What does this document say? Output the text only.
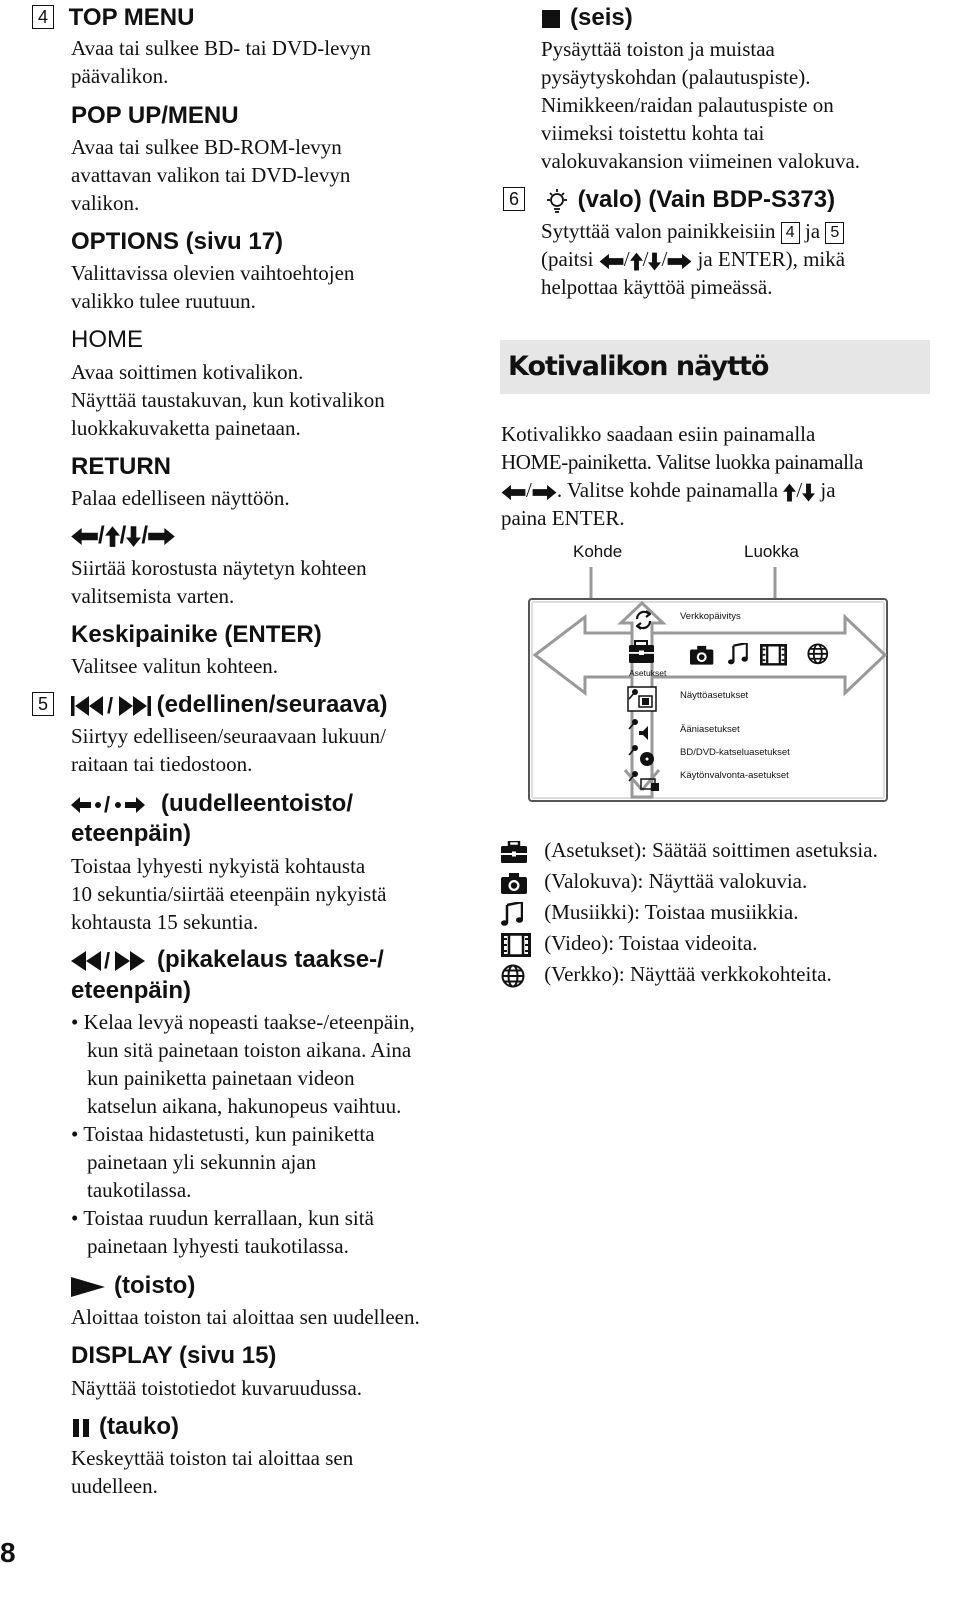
4 TOP MENU
Avaa tai sulkee BD- tai DVD-levyn
päävalikon.
POP UP/MENU
Avaa tai sulkee BD-ROM-levyn
avattavan valikon tai DVD-levyn
valikon.
OPTIONS (sivu 17)
Valittavissa olevien vaihtoehtojen
valikko tulee ruutuun.
HOME
Avaa soittimen kotivalikon.
Näyttää taustakuvan, kun kotivalikon
luokkakuvaketta painetaan.
RETURN
Palaa edelliseen näyttöön.
/ / /
Siirtää korostusta näytetyn kohteen
valitsemista varten.
Keskipainike (ENTER)
Valitsee valitun kohteen.
5	/ (edellinen/seuraava)
Siirtyy edelliseen/seuraavaan lukuun/
raitaan tai tiedostoon.
/ (uudelleentoisto/
eteenpäin)
Toistaa lyhyesti nykyistä kohtausta
10 sekuntia/siirtää eteenpäin nykyistä
kohtausta 15 sekuntia.
/ (pikakelaus taakse-/
eteenpäin)
• Kelaa levyä nopeasti taakse-/eteenpäin,
kun sitä painetaan toiston aikana. Aina
kun painiketta painetaan videon
katselun aikana, hakunopeus vaihtuu.
• Toistaa hidastetusti, kun painiketta
painetaan yli sekunnin ajan
taukotilassa.
• Toistaa ruudun kerrallaan, kun sitä
painetaan lyhyesti taukotilassa.
(toisto)
Aloittaa toiston tai aloittaa sen uudelleen.
DISPLAY (sivu 15)
Näyttää toistotiedot kuvaruudussa.
(tauko)
Keskeyttää toiston tai aloittaa sen
uudelleen.
8
(seis)
Pysäyttää toiston ja muistaa
pysäytyskohdan (palautuspiste).
Nimikkeen/raidan palautuspiste on
viimeksi toistettu kohta tai
valokuvakansion viimeinen valokuva.
6 (valo) (Vain BDP-S373)
Sytyttää valon painikkeisiin 4 ja 5
(paitsi / / / ja ENTER), mikä
helpottaa käyttöä pimeässä.
Kotivalikon näyttö
Kotivalikko saadaan esiin painamalla
HOME-painiketta. Valitse luokka painamalla
/ . Valitse kohde painamalla / ja
paina ENTER.
Kohde	Luokka
Verkkopäivitys
Asetukset
Näyttöasetukset
Ääniasetukset
BD/DVD-katseluasetukset
Käytönvalvonta-asetukset
(Asetukset): Säätää soittimen asetuksia.
(Valokuva): Näyttää valokuvia.
(Musiikki): Toistaa musiikkia.
(Video): Toistaa videoita.
(Verkko): Näyttää verkkokohteita.
